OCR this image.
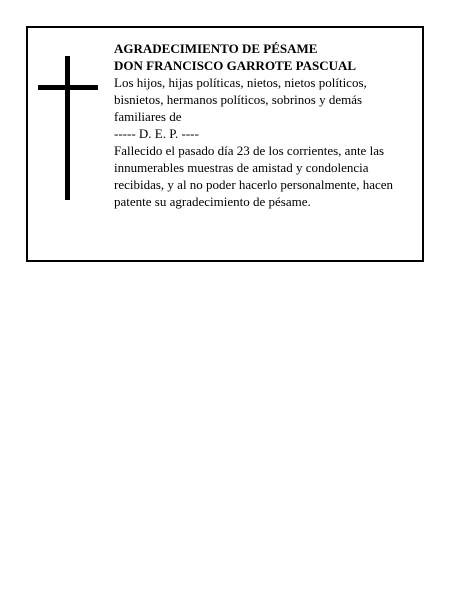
AGRADECIMIENTO DE PÉSAME

DON FRANCISCO GARROTE PASCUAL

Los hijos, hijas políticas, nietos, nietos políticos, bisnietos, hermanos políticos, sobrinos y demás familiares de

----- D. E. P. ----

Fallecido el pasado día 23 de los corrientes, ante las innumerables muestras de amistad y condolencia recibidas, y al no poder hacerlo personalmente, hacen patente su agradecimiento de pésame.
